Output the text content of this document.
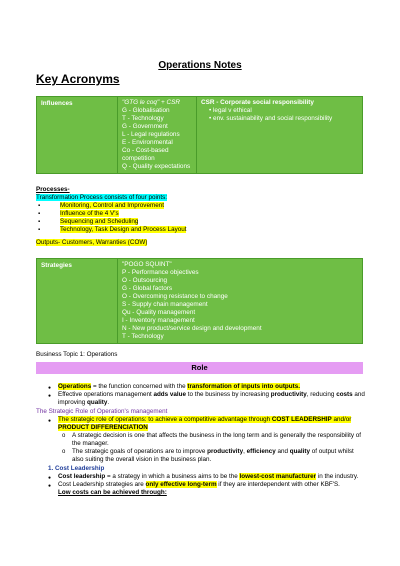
Operations Notes
Key Acronyms
Influences	"GTG le coq" + CSR
G - Globalisation
T - Technology
G - Government
L - Legal regulations
E - Environmental
Co - Cost-based competition
Q - Quality expectations

CSR - Corporate social responsibility
• legal v ethical
• env. sustainability and social responsibility
Processes-
Transformation Process consists of four points:
▪ Monitoring, Control and Improvement
▪ Influence of the 4 V's
▪ Sequencing and Scheduling
▪ Technology, Task Design and Process Layout
Outputs- Customers, Warranties (COW)
Strategies	"POGO SQUINT"
P - Performance objectives
O - Outsourcing
G - Global factors
O - Overcoming resistance to change
S - Supply chain management
Qu - Quality management
I - Inventory management
N - New product/service design and development
T - Technology
Business Topic 1: Operations
Role
● Operations = the function concerned with the transformation of inputs into outputs.
● Effective operations management adds value to the business by increasing productivity, reducing costs and improving quality.
The Strategic Role of Operation's management
● The strategic role of operations: to achieve a competitive advantage through COST LEADERSHIP and/or PRODUCT DIFFERENCIATION
o A strategic decision is one that affects the business in the long term and is generally the responsibility of the manager.
o The strategic goals of operations are to improve productivity, efficiency and quality of output whilst also suiting the overall vision in the business plan.
1. Cost Leadership
● Cost leadership = a strategy in which a business aims to be the lowest-cost manufacturer in the industry.
● Cost Leadership strategies are only effective long-term if they are interdependent with other KBF'S.
o Low costs can be achieved through:
